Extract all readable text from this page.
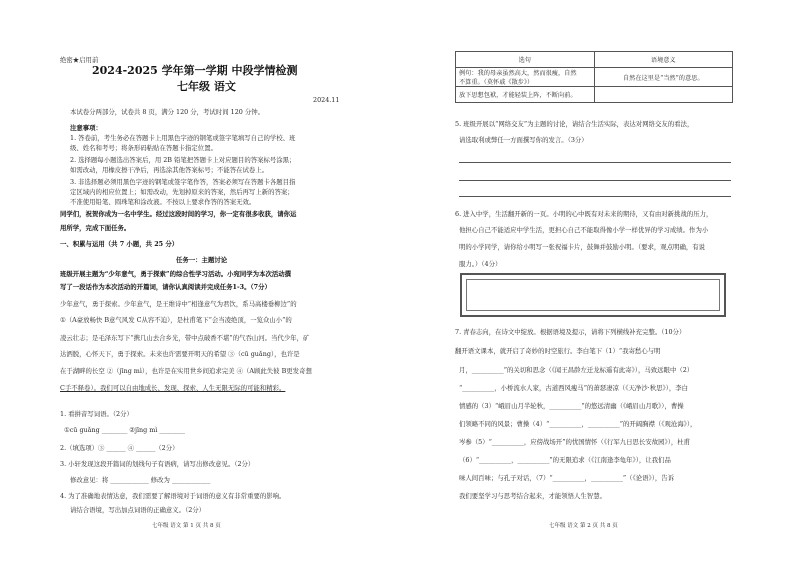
绝密★启用前
2024-2025 学年第一学期 中段学情检测
七年级 语文
2024.11
本试卷分两部分，试卷共 8 页，满分 120 分，考试时间 120 分钟。
注意事项：
1. 答卷前，考生务必在答题卡上用黑色字迹的钢笔或签字笔填写自己的学校、班
级、姓名和考号；将条形码粘贴在答题卡指定位置。
2. 选择题每小题选出答案后，用 2B 铅笔把答题卡上对应题目的答案标号涂黑；
如需改动，用橡皮擦干净后，再选涂其他答案标号；不能答在试卷上。
3. 非选择题必须用黑色字迹的钢笔或签字笔作答，答案必须写在答题卡各题目指
定区域内的相应位置上；如需改动，先划掉原来的答案，然后再写上新的答案；
不准使用铅笔、圆珠笔和涂改液。不按以上要求作答的答案无效。
同学们，祝贺你成为一名中学生。经过这段时间的学习，你一定有很多收获，请你运
用所学，完成下面任务。
一、积累与运用（共 7 小题，共 25 分）
任务一：主题讨论
班级开展主题为“少年意气，勇于探索”的综合性学习活动。小宛同学为本次活动撰
写了一段话作为本次活动的开篇词，请你认真阅读并完成任务1-3。（7分）
少年意气，勇于探索。少年意气，是王维诗中“相逢意气为君饮，系马高楼垂柳边”的
①（A豪放畅快 B意气风发 C从容不迫），是杜甫笔下“会当凌绝顶，一览众山小”的
凌云壮志；是毛泽东写下“携几山去合乡光，带中点破香不堪”的气吞山河。当代少年，矿
达洒脱，心怀天下，勇于探索。未来也许需要开明天的希望 ③（cū guǎng），也许是
在于湖畔的长空 ②（jīng mì），也许是在实用世乡间追求完美 ④（A顾此失彼 B更发奇想
C手不释卷）。我们可以自由地成长、发现、探索、人生无限无际的可能和精彩。
1. 看拼音写词语。（2分）
①cū guǎng ________ ②jīng mì ________
2.（填选项）③ ______ ④ ______（2分）
3. 小轩发现这段开篇词的划线句子有语病，请写出修改意见。（2分）
修改意见：将 ____________ 修改为 ____________
4. 为了准确地表情达意，我们需要了解语境对于词语的意义有非常重要的影响。
请结合语境，写出加点词语的正确意义。（2分）
七年级 语文 第 1 页 共 8 页
选句	语境意义

例句：我的母亲虽然高大，然而很瘦，自然
不算重。（莫怀戚《散步》）	自然在这里是“当然”的意思。
放下思想包袱，才能轻装上阵，不断向前。	
5. 班级开展以“网络交友”为主题的讨论，请结合生活实际，表达对网络交友的看法，
请选取利或弊任一方面撰写你的发言。（3分）
6. 进入中学，生活翻开新的一页。小明的心中既有对未来的期待，又有由对新挑战的压力，
他担心自己不能适应中学生活，更担心自己不能取得像小学一样优异的学习成绩。作为小
明的小学同学，请你给小明写一张祝福卡片，鼓舞并鼓励小明。（要求，观点明确，有说
服力。）（4分）
7. 青春志向，在诗文中绽放。根据语境及提示，请将下列横线补充完整。（10分）
翻开语文课本，就开启了奇妙的时空旅行。李白笔下（1）“我寄愁心与明
月，__________”的关切和思念（《闻王昌龄左迁龙标遥有此寄》），马致远眼中（2）
“__________，小桥流水人家，古道西风瘦马”的萧瑟凄凉（《天净沙·秋思》），李白
情感的（3）“峨眉山月半轮秋，__________”的悠远清幽（《峨眉山月歌》），曹操
们领略不同的风景；曹操（4）“__________，__________”的开阔胸襟（《观沧海》），
岑参（5）“__________，应傍战场开”的忧国情怀（《行军九日思长安故园》），杜甫
（6）“__________，__________”的无限追求（《江南逢李龟年》），让我们品
味人间百味；与孔子对话，（7）“__________，__________”（《论语》），告诉
我们要坚学习与思考结合起来，才能领悟人生智慧。
七年级 语文 第 2 页 共 8 页
